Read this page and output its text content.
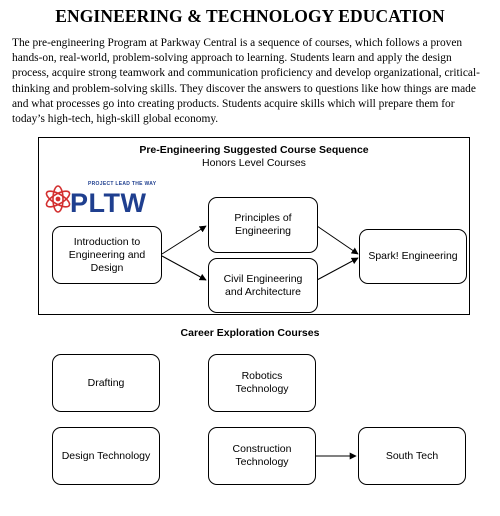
ENGINEERING & TECHNOLOGY EDUCATION

The pre-engineering Program at Parkway Central is a sequence of courses, which follows a proven hands-on, real-world, problem-solving approach to learning. Students learn and apply the design process, acquire strong teamwork and communication proficiency and develop organizational, critical-thinking and problem-solving skills. They discover the answers to questions like how things are made and what processes go into creating products. Students acquire skills which will prepare them for today’s high-tech, high-skill global economy.

Pre-Engineering Suggested Course Sequence
Honors Level Courses
PROJECT LEAD THE WAY
PLTW
Introduction to
Engineering and
Design
Principles of
Engineering
Civil Engineering
and Architecture
Spark! Engineering
Career Exploration Courses
Drafting
Robotics
Technology
Design Technology
Construction
Technology
South Tech
